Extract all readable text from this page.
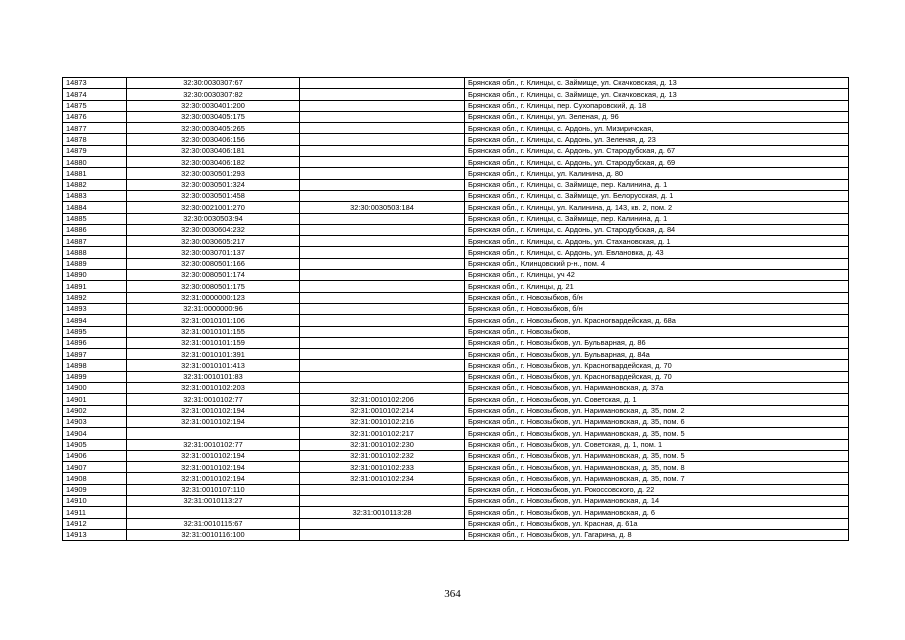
14873	32:30:0030307:67		Брянская обл., г. Клинцы, с. Займище, ул. Скачковская, д. 13
14874	32:30:0030307:82		Брянская обл., г. Клинцы, с. Займище, ул. Скачковская, д. 13
14875	32:30:0030401:200		Брянская обл., г. Клинцы, пер. Сухопаровский, д. 18
14876	32:30:0030405:175		Брянская обл., г. Клинцы, ул. Зеленая, д. 96
14877	32:30:0030405:265		Брянская обл., г. Клинцы, с. Ардонь, ул. Мизиричская,
14878	32:30:0030406:156		Брянская обл., г. Клинцы, с. Ардонь, ул. Зеленая, д. 23
14879	32:30:0030406:181		Брянская обл., г. Клинцы, с. Ардонь, ул. Стародубская, д. 67
14880	32:30:0030406:182		Брянская обл., г. Клинцы, с. Ардонь, ул. Стародубская, д. 69
14881	32:30:0030501:293		Брянская обл., г. Клинцы, ул. Калинина, д. 80
14882	32:30:0030501:324		Брянская обл., г. Клинцы, с. Займище, пер. Калинина, д. 1
14883	32:30:0030501:458		Брянская обл., г. Клинцы, с. Займище, ул. Белорусская, д. 1
14884	32:30:0021001:270	32:30:0030503:184	Брянская обл., г. Клинцы, ул. Калинина, д. 143, кв. 2, пом. 2
14885	32:30:0030503:94		Брянская обл., г. Клинцы, с. Займище, пер. Калинина, д. 1
14886	32:30:0030604:232		Брянская обл., г. Клинцы, с. Ардонь, ул. Стародубская, д. 84
14887	32:30:0030605:217		Брянская обл., г. Клинцы, с. Ардонь, ул. Стахановская, д. 1
14888	32:30:0030701:137		Брянская обл., г. Клинцы, с. Ардонь, ул. Евлановка, д. 43
14889	32:30:0080501:166		Брянская обл., Клинцовский р-н., пом. 4
14890	32:30:0080501:174		Брянская обл., г. Клинцы, уч 42
14891	32:30:0080501:175		Брянская обл., г. Клинцы, д. 21
14892	32:31:0000000:123		Брянская обл., г. Новозыбков, б/н
14893	32:31:0000000:96		Брянская обл., г. Новозыбков, б/н
14894	32:31:0010101:106		Брянская обл., г. Новозыбков, ул. Красногвардейская, д. 68а
14895	32:31:0010101:155		Брянская обл., г. Новозыбков,
14896	32:31:0010101:159		Брянская обл., г. Новозыбков, ул. Бульварная, д. 86
14897	32:31:0010101:391		Брянская обл., г. Новозыбков, ул. Бульварная, д. 84а
14898	32:31:0010101:413		Брянская обл., г. Новозыбков, ул. Красногвардейская, д. 70
14899	32:31:0010101:83		Брянская обл., г. Новозыбков, ул. Красногвардейская, д. 70
14900	32:31:0010102:203		Брянская обл., г. Новозыбков, ул. Наримановская, д. 37а
14901	32:31:0010102:77	32:31:0010102:206	Брянская обл., г. Новозыбков, ул. Советская, д. 1
14902	32:31:0010102:194	32:31:0010102:214	Брянская обл., г. Новозыбков, ул. Наримановская, д. 35, пом. 2
14903	32:31:0010102:194	32:31:0010102:216	Брянская обл., г. Новозыбков, ул. Наримановская, д. 35, пом. 6
14904		32:31:0010102:217	Брянская обл., г. Новозыбков, ул. Наримановская, д. 35, пом. 5
14905	32:31:0010102:77	32:31:0010102:230	Брянская обл., г. Новозыбков, ул. Советская, д. 1, пом. 1
14906	32:31:0010102:194	32:31:0010102:232	Брянская обл., г. Новозыбков, ул. Наримановская, д. 35, пом. 5
14907	32:31:0010102:194	32:31:0010102:233	Брянская обл., г. Новозыбков, ул. Наримановская, д. 35, пом. 8
14908	32:31:0010102:194	32:31:0010102:234	Брянская обл., г. Новозыбков, ул. Наримановская, д. 35, пом. 7
14909	32:31:0010107:110		Брянская обл., г. Новозыбков, ул. Рокоссовского, д. 22
14910	32:31:0010113:27		Брянская обл., г. Новозыбков, ул. Наримановская, д. 14
14911		32:31:0010113:28	Брянская обл., г. Новозыбков, ул. Наримановская, д. 6
14912	32:31:0010115:67		Брянская обл., г. Новозыбков, ул. Красная, д. 61а
14913	32:31:0010116:100		Брянская обл., г. Новозыбков, ул. Гагарина, д. 8
364
